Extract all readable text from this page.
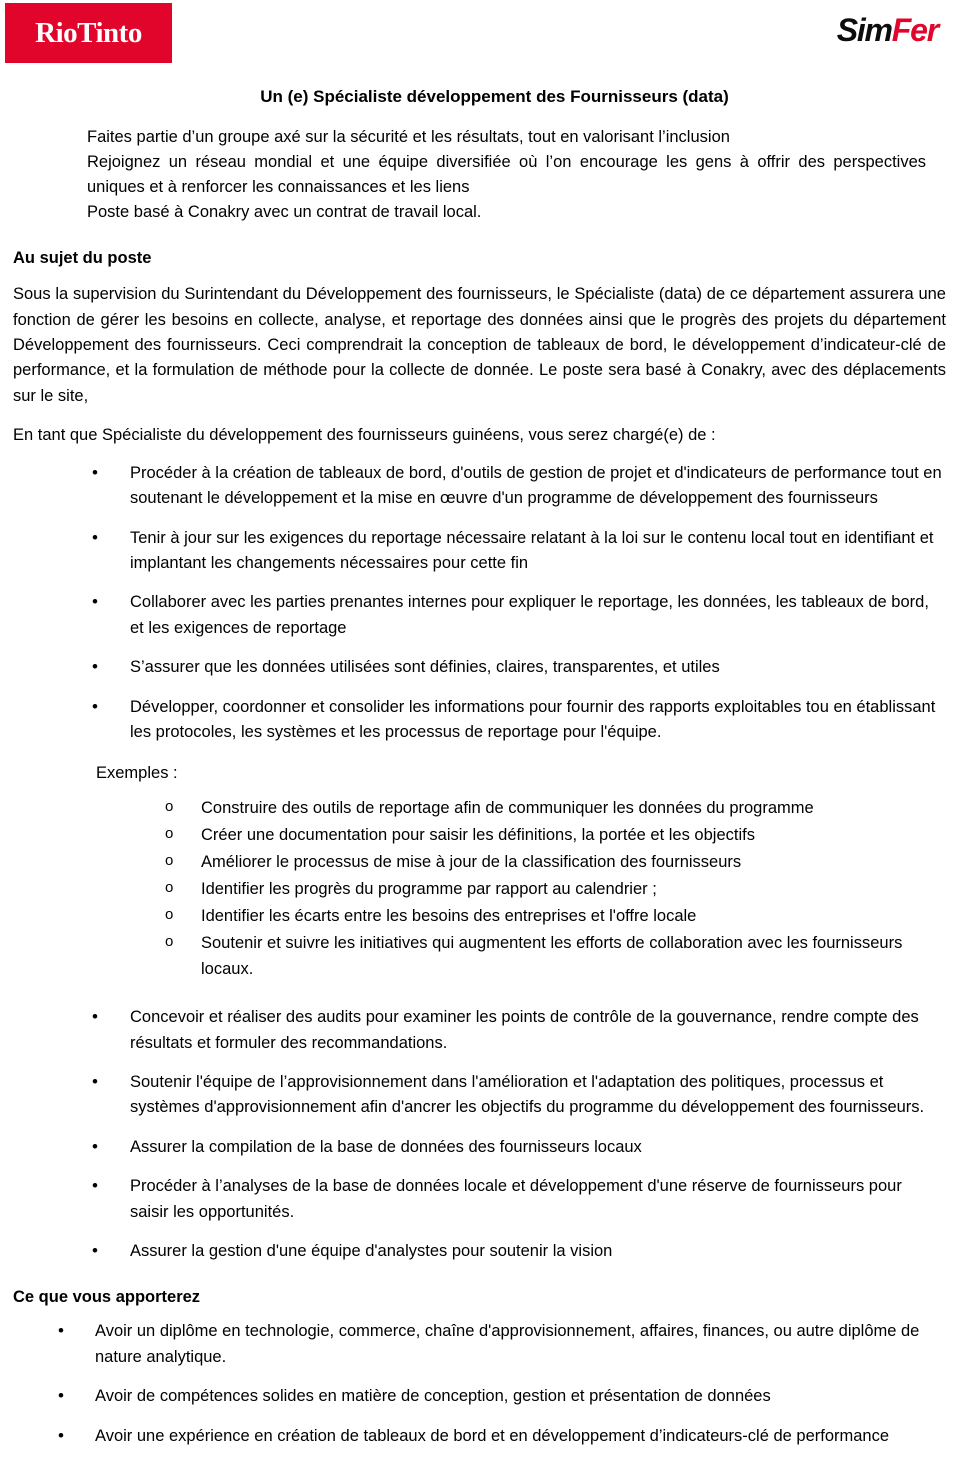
RioTinto	SimFer
Un (e) Spécialiste développement des Fournisseurs (data)
Faites partie d’un groupe axé sur la sécurité et les résultats, tout en valorisant l’inclusion
Rejoignez un réseau mondial et une équipe diversifiée où l’on encourage les gens à offrir des perspectives uniques et à renforcer les connaissances et les liens
Poste basé à Conakry avec un contrat de travail local.
Au sujet du poste

Sous la supervision du Surintendant du Développement des fournisseurs, le Spécialiste (data) de ce département assurera une fonction de gérer les besoins en collecte, analyse, et reportage des données ainsi que le progrès des projets du département Développement des fournisseurs. Ceci comprendrait la conception de tableaux de bord, le développement d’indicateur-clé de performance, et la formulation de méthode pour la collecte de donnée. Le poste sera basé à Conakry, avec des déplacements sur le site,

En tant que Spécialiste du développement des fournisseurs guinéens, vous serez chargé(e) de :

• Procéder à la création de tableaux de bord, d'outils de gestion de projet et d'indicateurs de performance tout en soutenant le développement et la mise en œuvre d'un programme de développement des fournisseurs
• Tenir à jour sur les exigences du reportage nécessaire relatant à la loi sur le contenu local tout en identifiant et implantant les changements nécessaires pour cette fin
• Collaborer avec les parties prenantes internes pour expliquer le reportage, les données, les tableaux de bord, et les exigences de reportage
• S’assurer que les données utilisées sont définies, claires, transparentes, et utiles
• Développer, coordonner et consolider les informations pour fournir des rapports exploitables tou en établissant les protocoles, les systèmes et les processus de reportage pour l'équipe.
Exemples :
o Construire des outils de reportage afin de communiquer les données du programme
o Créer une documentation pour saisir les définitions, la portée et les objectifs
o Améliorer le processus de mise à jour de la classification des fournisseurs
o Identifier les progrès du programme par rapport au calendrier ;
o Identifier les écarts entre les besoins des entreprises et l'offre locale
o Soutenir et suivre les initiatives qui augmentent les efforts de collaboration avec les fournisseurs locaux.
• Concevoir et réaliser des audits pour examiner les points de contrôle de la gouvernance, rendre compte des résultats et formuler des recommandations.
• Soutenir l'équipe de l’approvisionnement dans l'amélioration et l'adaptation des politiques, processus et systèmes d'approvisionnement afin d'ancrer les objectifs du programme du développement des fournisseurs.
• Assurer la compilation de la base de données des fournisseurs locaux
• Procéder à l’analyses de la base de données locale et développement d'une réserve de fournisseurs pour saisir les opportunités.
• Assurer la gestion d'une équipe d'analystes pour soutenir la vision
Ce que vous apporterez
• Avoir un diplôme en technologie, commerce, chaîne d'approvisionnement, affaires, finances, ou autre diplôme de nature analytique.
• Avoir de compétences solides en matière de conception, gestion et présentation de données
• Avoir une expérience en création de tableaux de bord et en développement d’indicateurs-clé de performance
